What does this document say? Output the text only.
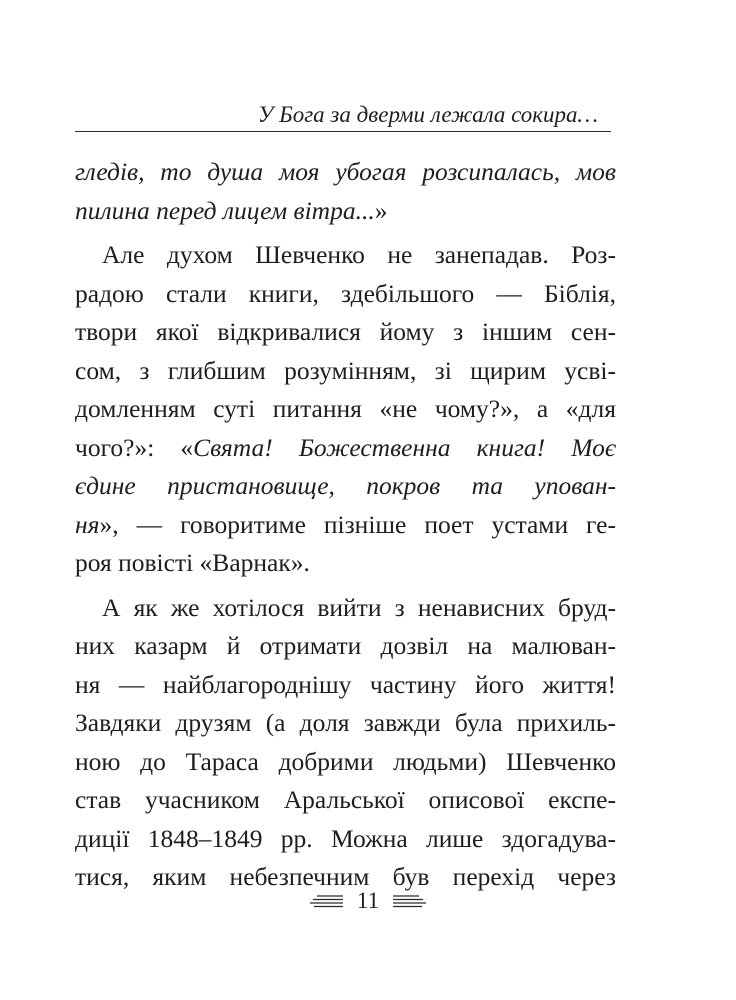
У Бога за дверми лежала сокира…
гледів, то душа моя убогая розсипалась, мов
пилина перед лицем вітра...»
Але духом Шевченко не занепадав. Роз-
радою стали книги, здебільшого — Біблія,
твори якої відкривалися йому з іншим сен-
сом, з глибшим розумінням, зі щирим усві-
домленням суті питання «не чому?», а «для
чого?»: «Свята! Божественна книга! Моє
єдине пристановище, покров та упован-
ня», — говоритиме пізніше поет устами ге-
роя повісті «Варнак».
А як же хотілося вийти з ненависних бруд-
них казарм й отримати дозвіл на малюван-
ня — найблагороднішу частину його життя!
Завдяки друзям (а доля завжди була прихиль-
ною до Тараса добрими людьми) Шевченко
став учасником Аральської описової експе-
диції 1848–1849 рр. Можна лише здогадува-
тися, яким небезпечним був перехід через
11
